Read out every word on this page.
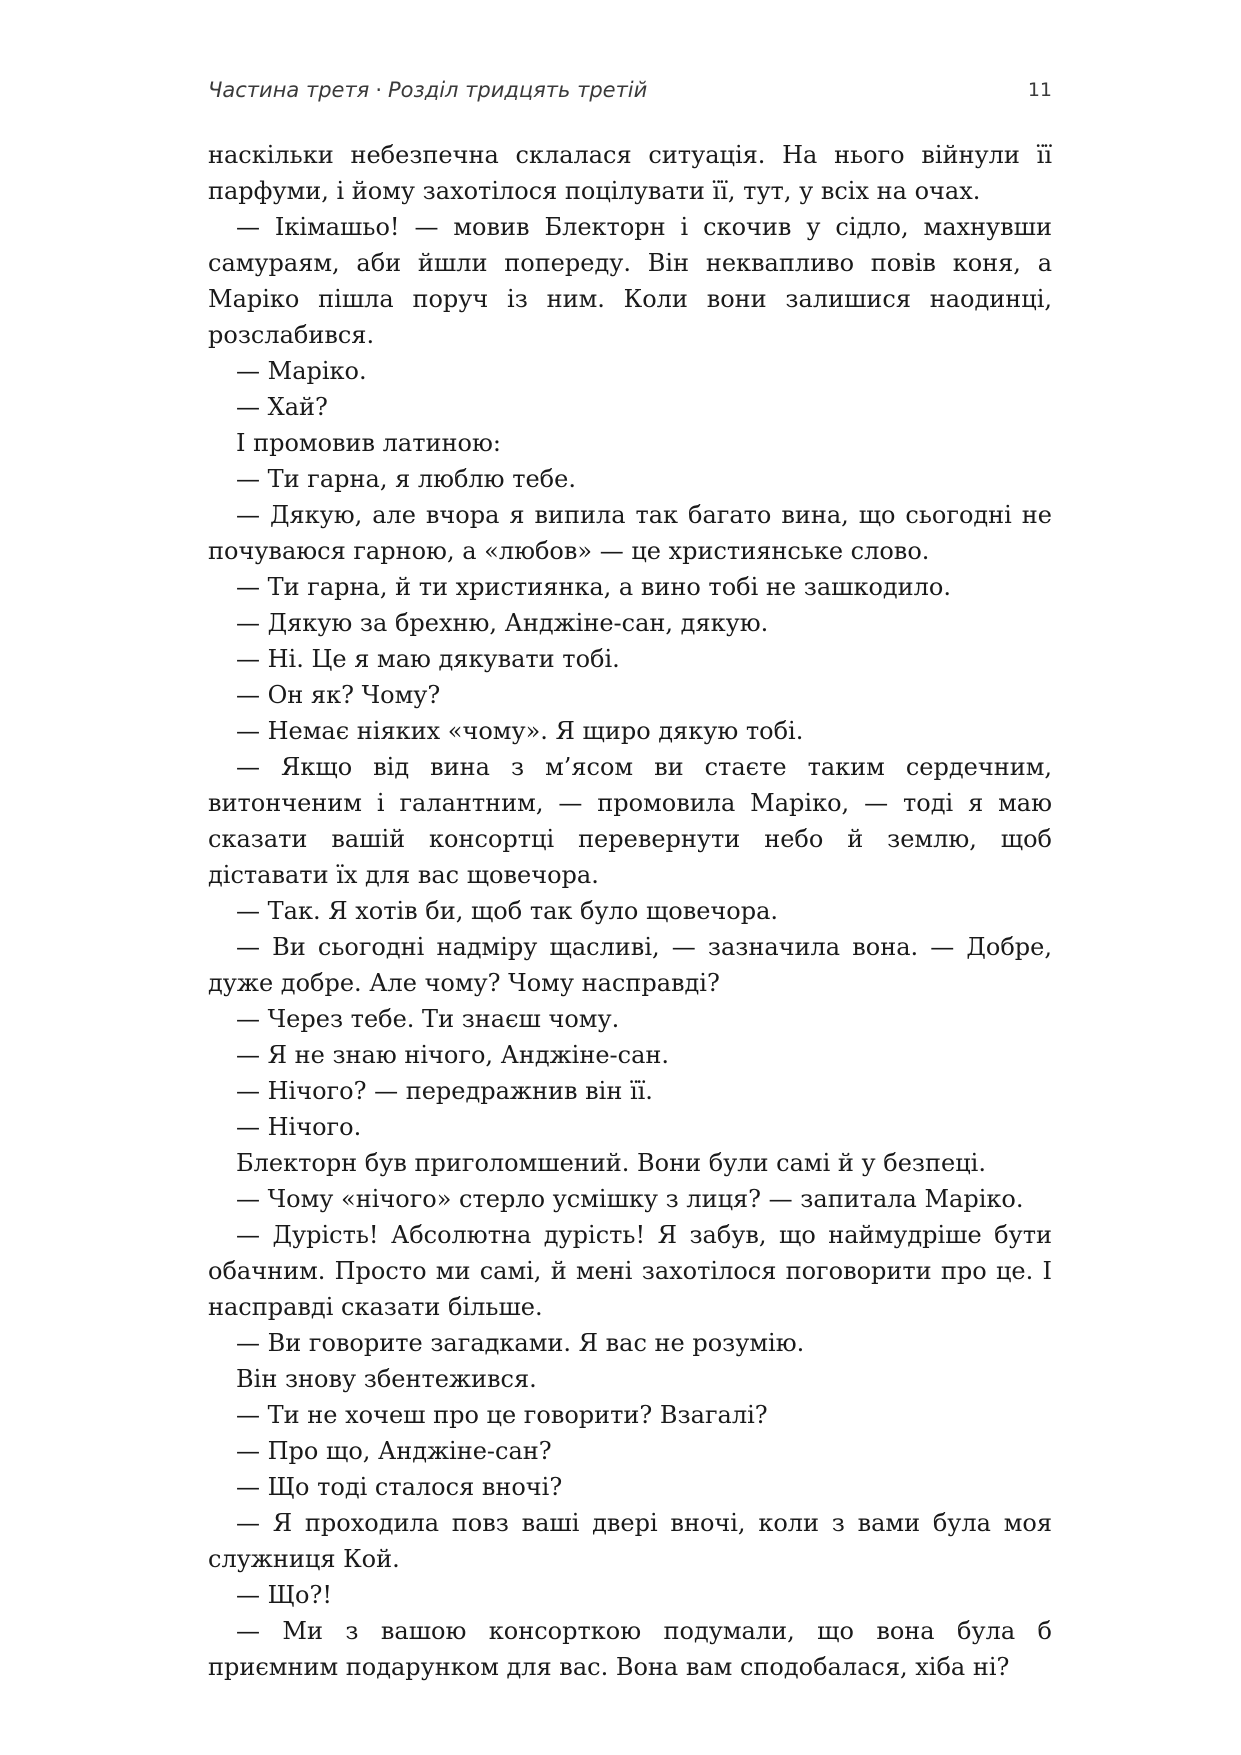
Частина третя · Розділ тридцять третій	11

наскільки небезпечна склалася ситуація. На нього війнули її парфуми, і йому захотілося поцілувати її, тут, у всіх на очах.

— Ікімашьо! — мовив Блекторн і скочив у сідло, махнувши самураям, аби йшли попереду. Він неквапливо повів коня, а Маріко пішла поруч із ним. Коли вони залишися наодинці, розслабився.

— Маріко.

— Хай?

І промовив латиною:

— Ти гарна, я люблю тебе.

— Дякую, але вчора я випила так багато вина, що сьогодні не почуваюся гарною, а «любов» — це християнське слово.

— Ти гарна, й ти християнка, а вино тобі не зашкодило.

— Дякую за брехню, Анджіне-сан, дякую.

— Ні. Це я маю дякувати тобі.

— Он як? Чому?

— Немає ніяких «чому». Я щиро дякую тобі.

— Якщо від вина з м’ясом ви стаєте таким сердечним, витонченим і галантним, — промовила Маріко, — тоді я маю сказати вашій консортці перевернути небо й землю, щоб діставати їх для вас щовечора.

— Так. Я хотів би, щоб так було щовечора.

— Ви сьогодні надміру щасливі, — зазначила вона. — Добре, дуже добре. Але чому? Чому насправді?

— Через тебе. Ти знаєш чому.

— Я не знаю нічого, Анджіне-сан.

— Нічого? — передражнив він її.

— Нічого.

Блекторн був приголомшений. Вони були самі й у безпеці.

— Чому «нічого» стерло усмішку з лиця? — запитала Маріко.

— Дурість! Абсолютна дурість! Я забув, що наймудріше бути обачним. Просто ми самі, й мені захотілося поговорити про це. І насправді сказати більше.

— Ви говорите загадками. Я вас не розумію.

Він знову збентежився.

— Ти не хочеш про це говорити? Взагалі?

— Про що, Анджіне-сан?

— Що тоді сталося вночі?

— Я проходила повз ваші двері вночі, коли з вами була моя служниця Кой.

— Що?!

— Ми з вашою консорткою подумали, що вона була б приємним подарунком для вас. Вона вам сподобалася, хіба ні?
